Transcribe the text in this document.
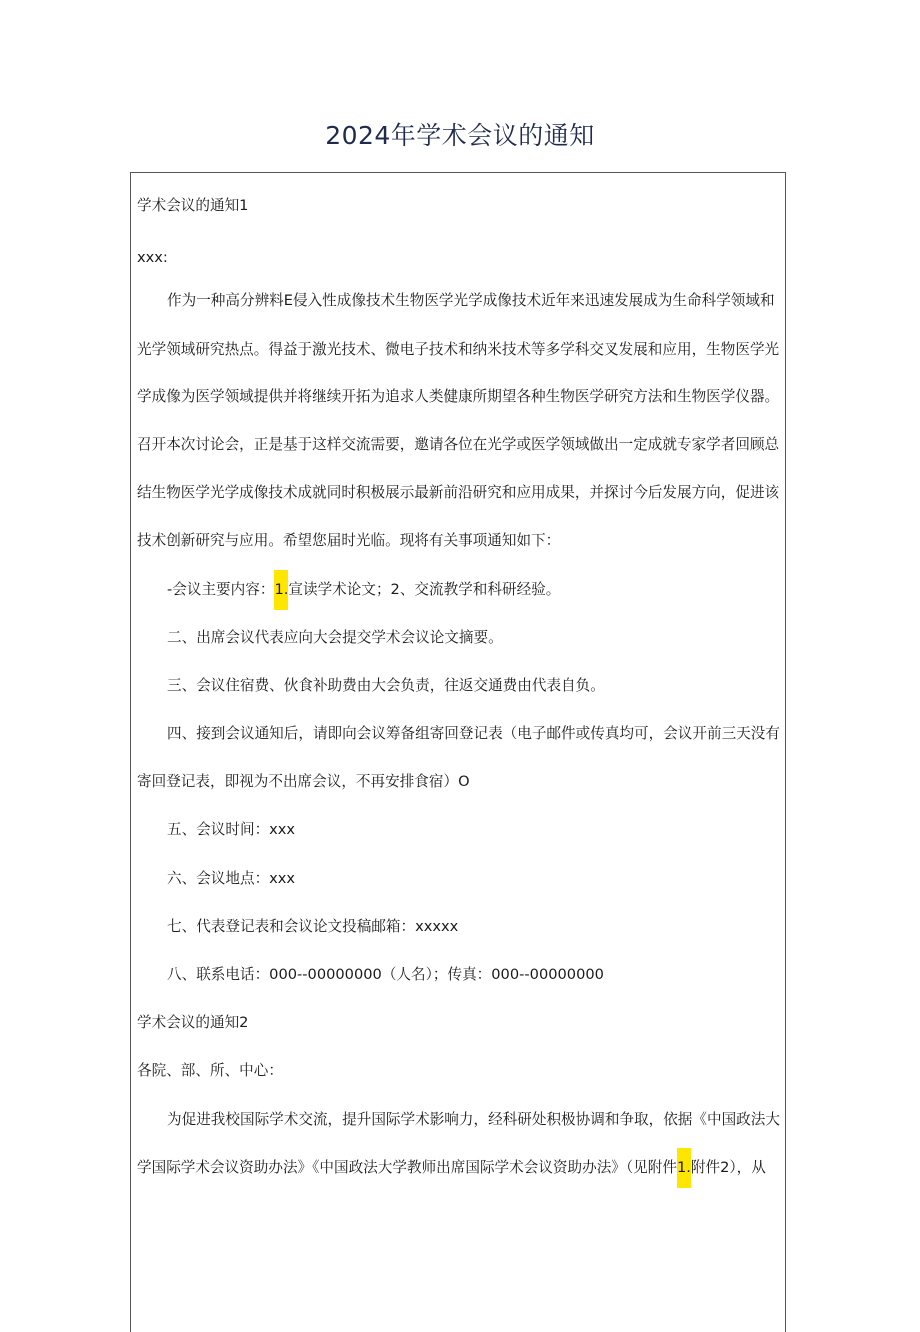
2024年学术会议的通知

学术会议的通知1

xxx:

作为一种高分辨料E侵入性成像技术生物医学光学成像技术近年来迅速发展成为生命科学领域和

光学领域研究热点。得益于激光技术、微电子技术和纳米技术等多学科交叉发展和应用，生物医学光

学成像为医学领域提供并将继续开拓为追求人类健康所期望各种生物医学研究方法和生物医学仪器。

召开本次讨论会，正是基于这样交流需要，邀请各位在光学或医学领域做出一定成就专家学者回顾总

结生物医学光学成像技术成就同时积极展示最新前沿研究和应用成果，并探讨今后发展方向，促进该

技术创新研究与应用。希望您届时光临。现将有关事项通知如下：

-会议主要内容：1.宣读学术论文；2、交流教学和科研经验。

二、出席会议代表应向大会提交学术会议论文摘要。

三、会议住宿费、伙食补助费由大会负责，往返交通费由代表自负。

四、接到会议通知后，请即向会议筹备组寄回登记表（电子邮件或传真均可，会议开前三天没有

寄回登记表，即视为不出席会议，不再安排食宿）O

五、会议时间：xxx

六、会议地点：xxx

七、代表登记表和会议论文投稿邮箱：xxxxx

八、联系电话：000--00000000（人名）；传真：000--00000000

学术会议的通知2

各院、部、所、中心：

为促进我校国际学术交流，提升国际学术影响力，经科研处积极协调和争取，依据《中国政法大

学国际学术会议资助办法》《中国政法大学教师出席国际学术会议资助办法》（见附件1.附件2），从
